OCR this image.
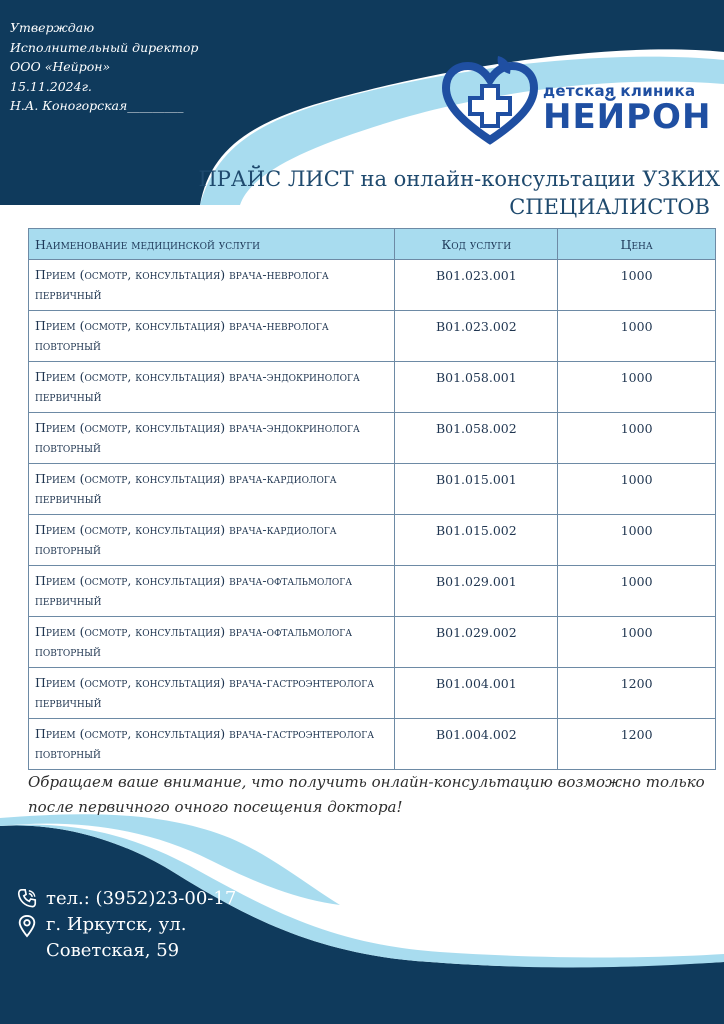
Утверждаю
Исполнительный директор
ООО «Нейрон»
15.11.2024г.
Н.А. Коногорская_________
детская клиника
НЕЙРОН
ПРАЙС ЛИСТ на онлайн-консультации УЗКИХ
СПЕЦИАЛИСТОВ
Наименование медицинской услуги	Код услуги	Цена
Прием (осмотр, консультация) врача-невролога первичный	B01.023.001	1000
Прием (осмотр, консультация) врача-невролога повторный	B01.023.002	1000
Прием (осмотр, консультация) врача-эндокринолога первичный	B01.058.001	1000
Прием (осмотр, консультация) врача-эндокринолога повторный	B01.058.002	1000
Прием (осмотр, консультация) врача-кардиолога первичный	B01.015.001	1000
Прием (осмотр, консультация) врача-кардиолога повторный	B01.015.002	1000
Прием (осмотр, консультация) врача-офтальмолога первичный	B01.029.001	1000
Прием (осмотр, консультация) врача-офтальмолога повторный	B01.029.002	1000
Прием (осмотр, консультация) врача-гастроэнтеролога первичный	B01.004.001	1200
Прием (осмотр, консультация) врача-гастроэнтеролога повторный	B01.004.002	1200
Обращаем ваше внимание, что получить онлайн-консультацию возможно только после первичного очного посещения доктора!
тел.: (3952)23-00-17
г. Иркутск, ул.
Советская, 59
